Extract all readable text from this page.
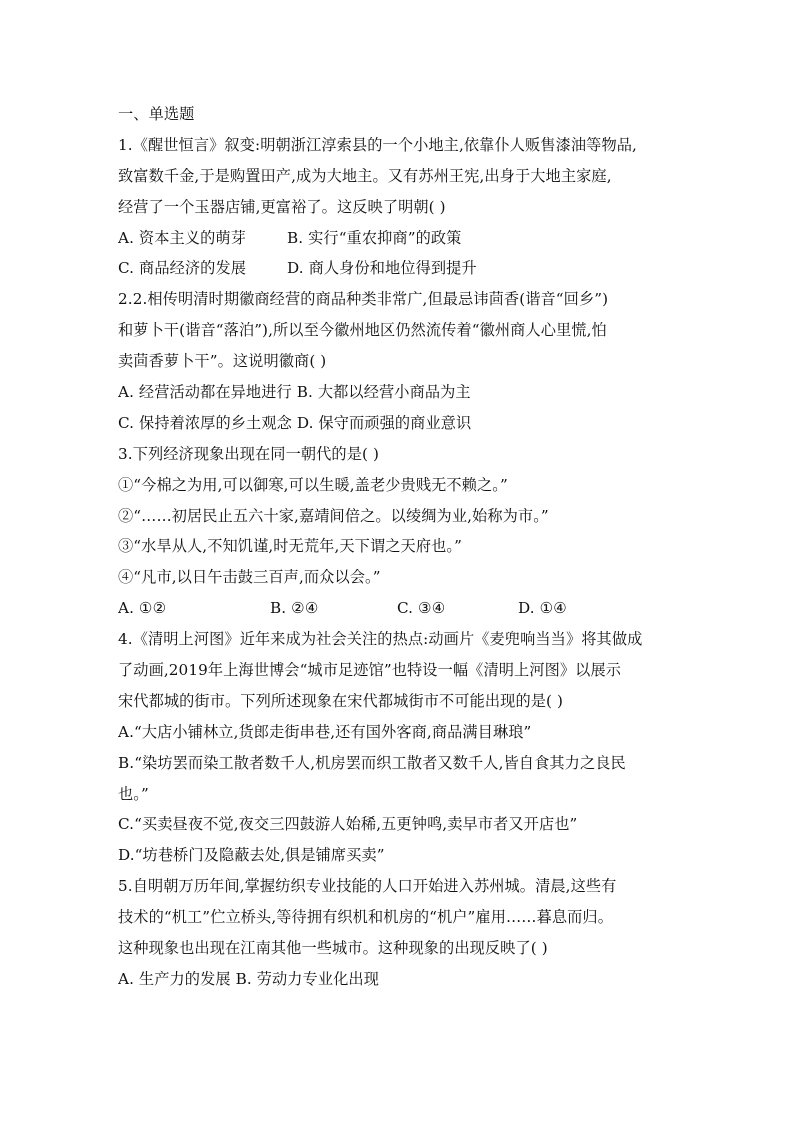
一、单选题
1.《醒世恒言》叙变:明朝浙江淳索县的一个小地主,依靠仆人贩售漆油等物品,
致富数千金,于是购置田产,成为大地主。又有苏州王宪,出身于大地主家庭,
经营了一个玉器店铺,更富裕了。这反映了明朝( )
A. 资本主义的萌芽	B. 实行“重农抑商”的政策
C. 商品经济的发展	D. 商人身份和地位得到提升
2.2.相传明清时期徽商经营的商品种类非常广,但最忌讳茴香(谐音“回乡”)
和萝卜干(谐音“落泊”),所以至今徽州地区仍然流传着“徽州商人心里慌,怕
卖茴香萝卜干”。这说明徽商( )
A. 经营活动都在异地进行 B. 大都以经营小商品为主
C. 保持着浓厚的乡土观念 D. 保守而顽强的商业意识
3.下列经济现象出现在同一朝代的是( )
①“今棉之为用,可以御寒,可以生暖,盖老少贵贱无不赖之。”
②“……初居民止五六十家,嘉靖间倍之。以绫绸为业,始称为市。”
③“水旱从人,不知饥谨,时无荒年,天下谓之天府也。”
④“凡市,以日午击鼓三百声,而众以会。”
A. ①②	B. ②④	C. ③④	D. ①④
4.《清明上河图》近年来成为社会关注的热点:动画片《麦兜响当当》将其做成
了动画,2019年上海世博会“城市足迹馆”也特设一幅《清明上河图》以展示
宋代都城的街市。下列所述现象在宋代都城街市不可能出现的是( )
A.“大店小铺林立,货郎走街串巷,还有国外客商,商品满目琳琅”
B.“染坊罢而染工散者数千人,机房罢而织工散者又数千人,皆自食其力之良民
也。”
C.“买卖昼夜不觉,夜交三四鼓游人始稀,五更钟鸣,卖早市者又开店也”
D.“坊巷桥门及隐蔽去处,俱是铺席买卖”
5.自明朝万历年间,掌握纺织专业技能的人口开始进入苏州城。清晨,这些有
技术的“机工”伫立桥头,等待拥有织机和机房的“机户”雇用……暮息而归。
这种现象也出现在江南其他一些城市。这种现象的出现反映了( )
A. 生产力的发展 B. 劳动力专业化出现
